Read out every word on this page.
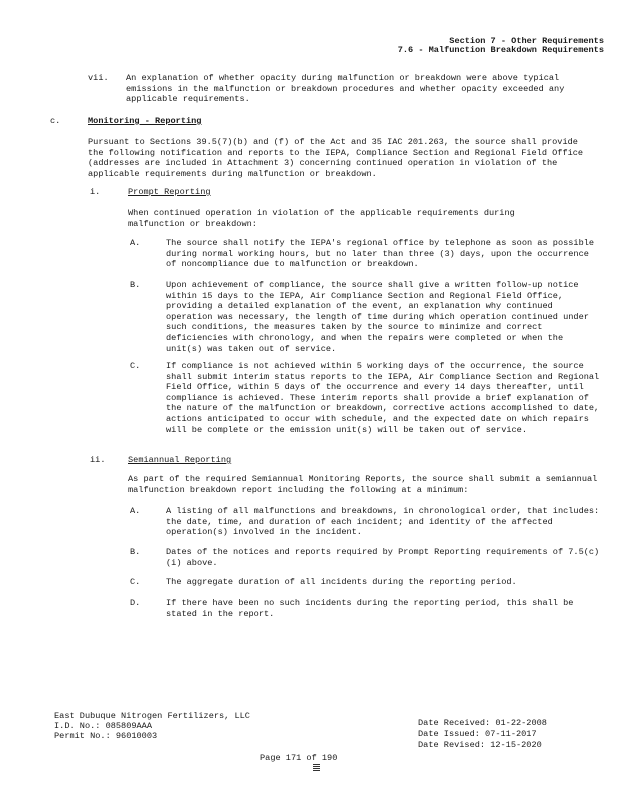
Section 7 - Other Requirements
7.6 - Malfunction Breakdown Requirements
vii. An explanation of whether opacity during malfunction or breakdown were above typical emissions in the malfunction or breakdown procedures and whether opacity exceeded any applicable requirements.
c.	Monitoring - Reporting
Pursuant to Sections 39.5(7)(b) and (f) of the Act and 35 IAC 201.263, the source shall provide the following notification and reports to the IEPA, Compliance Section and Regional Field Office (addresses are included in Attachment 3) concerning continued operation in violation of the applicable requirements during malfunction or breakdown.
i.	Prompt Reporting
When continued operation in violation of the applicable requirements during malfunction or breakdown:
A.	The source shall notify the IEPA's regional office by telephone as soon as possible during normal working hours, but no later than three (3) days, upon the occurrence of noncompliance due to malfunction or breakdown.
B.	Upon achievement of compliance, the source shall give a written follow-up notice within 15 days to the IEPA, Air Compliance Section and Regional Field Office, providing a detailed explanation of the event, an explanation why continued operation was necessary, the length of time during which operation continued under such conditions, the measures taken by the source to minimize and correct deficiencies with chronology, and when the repairs were completed or when the unit(s) was taken out of service.
C.	If compliance is not achieved within 5 working days of the occurrence, the source shall submit interim status reports to the IEPA, Air Compliance Section and Regional Field Office, within 5 days of the occurrence and every 14 days thereafter, until compliance is achieved. These interim reports shall provide a brief explanation of the nature of the malfunction or breakdown, corrective actions accomplished to date, actions anticipated to occur with schedule, and the expected date on which repairs will be complete or the emission unit(s) will be taken out of service.
ii.	Semiannual Reporting
As part of the required Semiannual Monitoring Reports, the source shall submit a semiannual malfunction breakdown report including the following at a minimum:
A.	A listing of all malfunctions and breakdowns, in chronological order, that includes: the date, time, and duration of each incident; and identity of the affected operation(s) involved in the incident.
B.	Dates of the notices and reports required by Prompt Reporting requirements of 7.5(c)(i) above.
C.	The aggregate duration of all incidents during the reporting period.
D.	If there have been no such incidents during the reporting period, this shall be stated in the report.
East Dubuque Nitrogen Fertilizers, LLC
I.D. No.: 085809AAA
Permit No.: 96010003
Date Received: 01-22-2008
Date Issued: 07-11-2017
Date Revised: 12-15-2020
Page 171 of 190
